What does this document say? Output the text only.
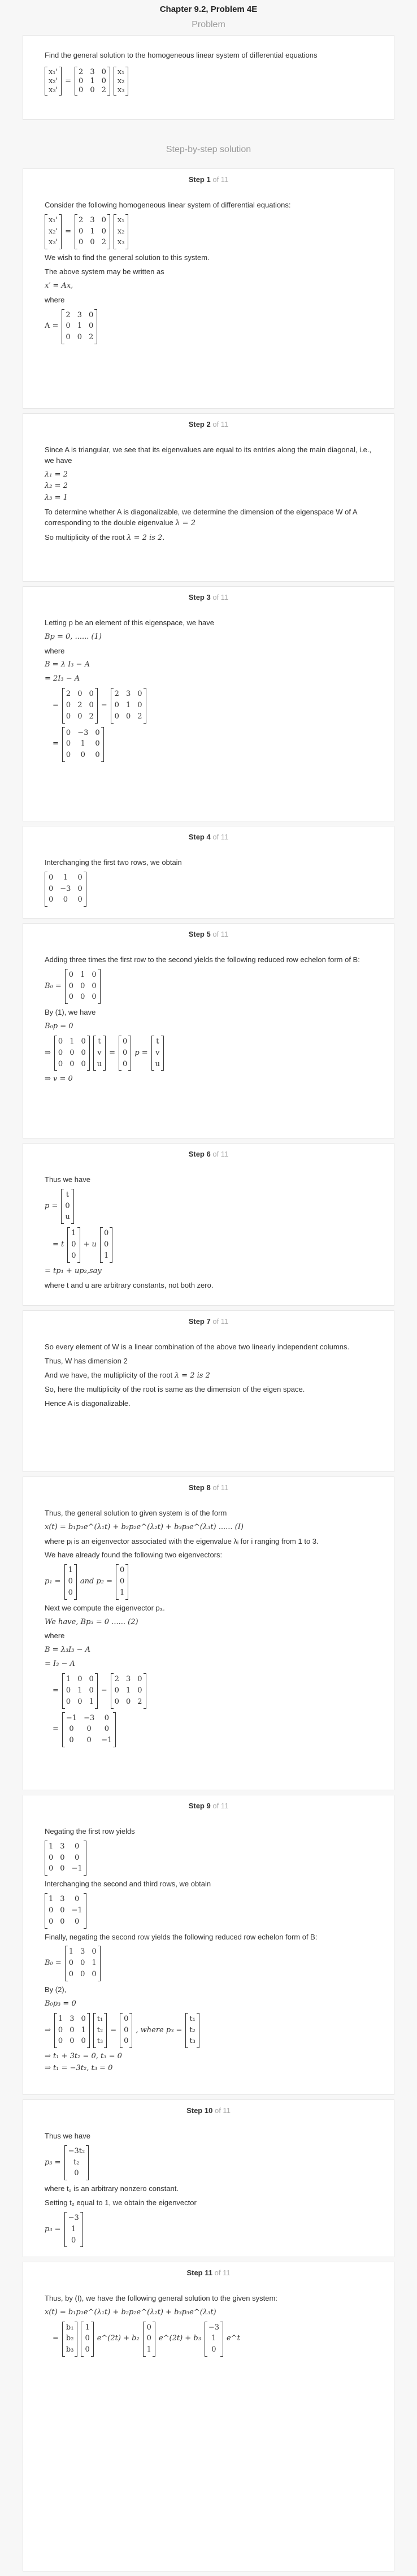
Chapter 9.2, Problem 4E
Problem

Find the general solution to the homogeneous linear system of differential equations

x₁'
x₂'
x₃'
=
2 3 0
0 1 0
0 0 2
x₁
x₂
x₃
Step-by-step solution
Step 1 of 11

Consider the following homogeneous linear system of differential equations:

x₁'
x₂'
x₃'
=
2 3 0
0 1 0
0 0 2
x₁
x₂
x₃

We wish to find the general solution to this system.

The above system may be written as

x′ = Ax,

where

A =
2 3 0
0 1 0
0 0 2
Step 2 of 11

Since A is triangular, we see that its eigenvalues are equal to its entries along the main diagonal, i.e., we have

λ₁ = 2

λ₂ = 2

λ₃ = 1

To determine whether A is diagonalizable, we determine the dimension of the eigenspace W of A corresponding to the double eigenvalue λ = 2

So multiplicity of the root λ = 2 is 2.

Step 3 of 11

Letting p be an element of this eigenspace, we have

Bp = 0, ...... (1)

where

B = λ I₃ − A

= 2I₃ − A

=
2 0 0
0 2 0
0 0 2
−
2 3 0
0 1 0
0 0 2
=
0 −3 0
0	1	0
0	0	0
Step 4 of 11

Interchanging the first two rows, we obtain

0	1	0
0 −3 0
0	0	0
Step 5 of 11

Adding three times the first row to the second yields the following reduced row echelon form of B:

B₀ =
0 1 0
0 0 0
0 0 0

By (1), we have

B₀p = 0

⇒
0 1 0
0 0 0
0 0 0
t
v
u
=
0
0
0
p =
t
v
u

⇒ v = 0

Step 6 of 11

Thus we have

p =
t
0
u
= t
1
0
0
+ u
0
0
1

= tp₁ + up₂,say

where t and u are arbitrary constants, not both zero.

Step 7 of 11

So every element of W is a linear combination of the above two linearly independent columns.

Thus, W has dimension 2

And we have, the multiplicity of the root λ = 2 is 2

So, here the multiplicity of the root is same as the dimension of the eigen space.

Hence A is diagonalizable.

Step 8 of 11

Thus, the general solution to given system is of the form

x(t) = b₁p₁e^(λ₁t) + b₂p₂e^(λ₂t) + b₃p₃e^(λ₃t) ...... (I)

where pᵢ is an eigenvector associated with the eigenvalue λᵢ for i ranging from 1 to 3.

We have already found the following two eigenvectors:

p₁ =
1
0
0
and p₂ =
0
0
1

Next we compute the eigenvector p₃.

We have, Bp₃ = 0 ...... (2)

where

B = λ₃I₃ − A

= I₃ − A

=
1 0 0
0 1 0
0 0 1
−
2 3 0
0 1 0
0 0 2
=
−1 −3	0
0	0	0
0	0	−1
Step 9 of 11

Negating the first row yields

1 3	0
0 0	0
0 0 −1

Interchanging the second and third rows, we obtain

1 3	0
0 0 −1
0 0	0

Finally, negating the second row yields the following reduced row echelon form of B:

B₀ =
1 3 0
0 0 1
0 0 0

By (2),

B₀p₃ = 0

⇒
1 3 0
0 0 1
0 0 0
t₁
t₂
t₃
=
0
0
0
, where p₃ =
t₁
t₂
t₃

⇒ t₁ + 3t₂ = 0, t₃ = 0

⇒ t₁ = −3t₂, t₃ = 0

Step 10 of 11

Thus we have

p₃ =
−3t₂
t₂
0

where t₂ is an arbitrary nonzero constant.

Setting t₂ equal to 1, we obtain the eigenvector

p₃ =
−3
1
0
Step 11 of 11

Thus, by (I), we have the following general solution to the given system:

x(t) = b₁p₁e^(λ₁t) + b₂p₂e^(λ₂t) + b₃p₃e^(λ₃t)

=
b₁
b₂
b₃
1
0
0
e^(2t) + b₂
0
0
1
e^(2t) + b₃
−3
1
0
e^t
